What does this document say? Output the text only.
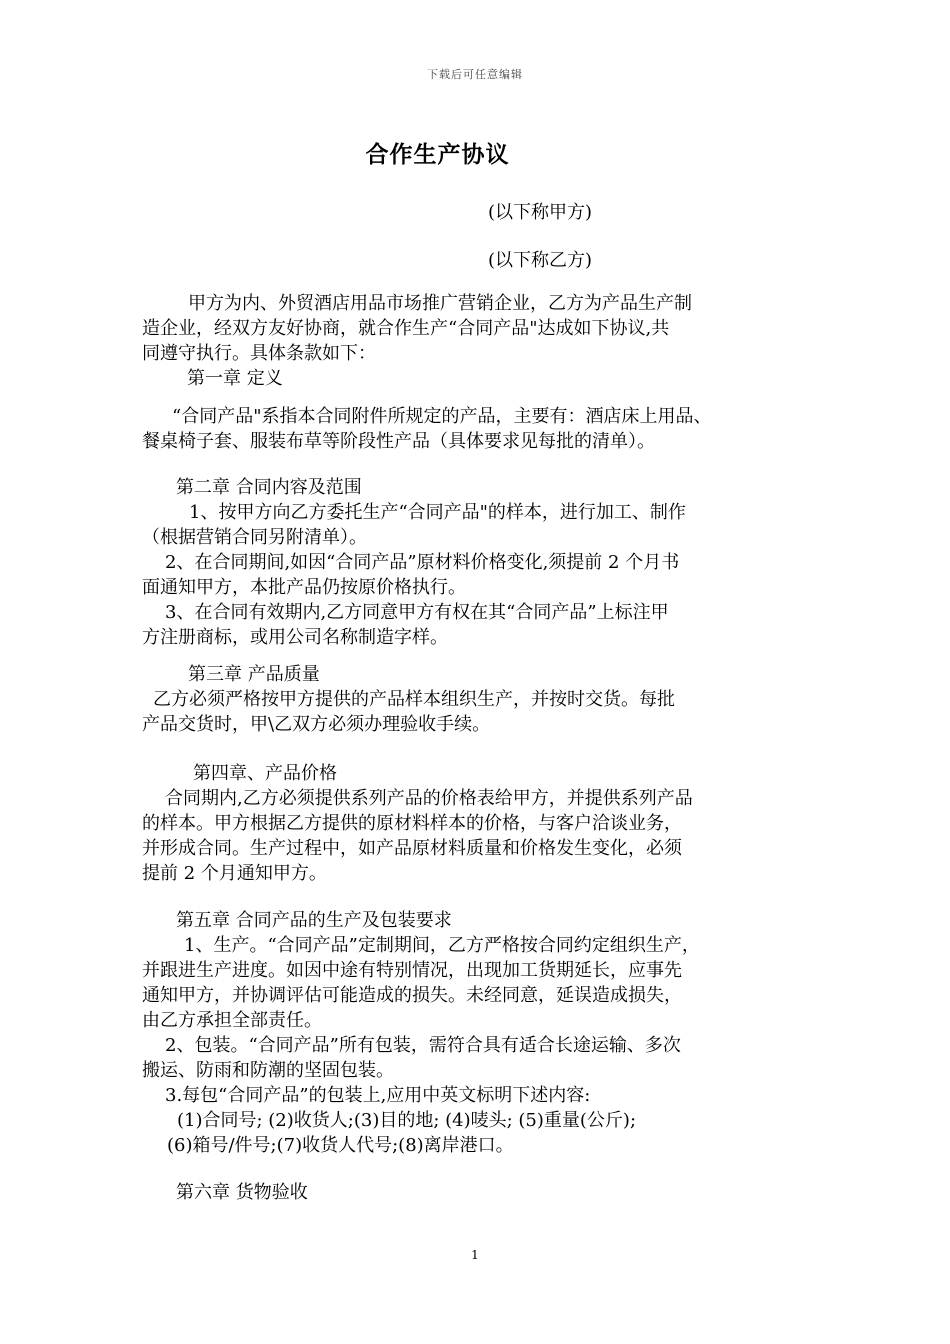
下载后可任意编辑
合作生产协议
(以下称甲方)
(以下称乙方)
甲方为内、外贸酒店用品市场推广营销企业，乙方为产品生产制
造企业，经双方友好协商，就合作生产“合同产品"达成如下协议,共
同遵守执行。具体条款如下：
第一章 定义
“合同产品"系指本合同附件所规定的产品，主要有：酒店床上用品、
餐桌椅子套、服装布草等阶段性产品（具体要求见每批的清单）。
第二章 合同内容及范围
1、按甲方向乙方委托生产“合同产品"的样本，进行加工、制作
（根据营销合同另附清单）。
2、在合同期间,如因“合同产品”原材料价格变化,须提前 2 个月书
面通知甲方，本批产品仍按原价格执行。
3、在合同有效期内,乙方同意甲方有权在其“合同产品”上标注甲
方注册商标，或用公司名称制造字样。
第三章 产品质量
乙方必须严格按甲方提供的产品样本组织生产，并按时交货。每批
产品交货时，甲\乙双方必须办理验收手续。
第四章、产品价格
合同期内,乙方必须提供系列产品的价格表给甲方，并提供系列产品
的样本。甲方根据乙方提供的原材料样本的价格，与客户洽谈业务，
并形成合同。生产过程中，如产品原材料质量和价格发生变化，必须
提前 2 个月通知甲方。
第五章 合同产品的生产及包装要求
1、生产。“合同产品”定制期间，乙方严格按合同约定组织生产，
并跟进生产进度。如因中途有特别情况，出现加工货期延长，应事先
通知甲方，并协调评估可能造成的损失。未经同意，延误造成损失，
由乙方承担全部责任。
2、包装。“合同产品”所有包装，需符合具有适合长途运输、多次
搬运、防雨和防潮的坚固包装。
3.每包“合同产品”的包装上,应用中英文标明下述内容:
(1)合同号; (2)收货人;(3)目的地; (4)唛头; (5)重量(公斤);
(6)箱号/件号;(7)收货人代号;(8)离岸港口。
第六章 货物验收
1
